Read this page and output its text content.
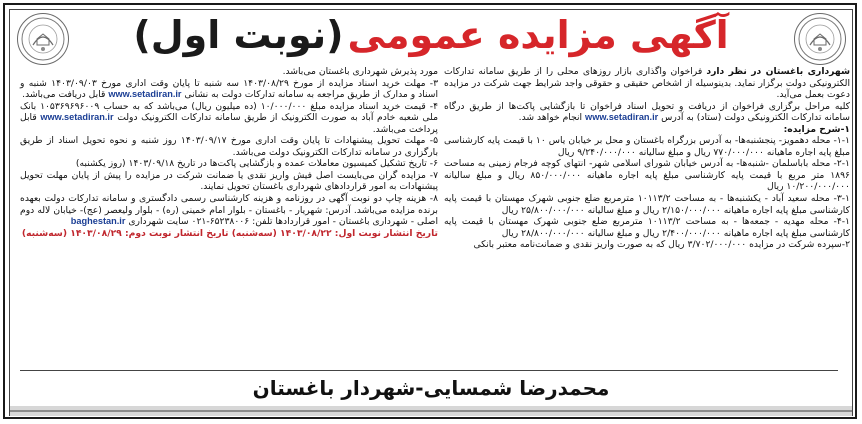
آگهی مزایده عمومی
(نوبت اول)

شهرداری باغستان در نظر دارد فراخوان واگذاری بازار روزهای محلی را از طریق سامانه تدارکات الکترونیکی دولت برگزار نماید. بدینوسیله از اشخاص حقیقی و حقوقی واجد شرایط جهت شرکت در مزایده دعوت بعمل می‌آید.

کلیه مراحل برگزاری فراخوان از دریافت و تحویل اسناد فراخوان تا بازگشایی پاکت‌ها از طریق درگاه سامانه تدارکات الکترونیکی دولت (ستاد) به آدرس www.setadiran.ir انجام خواهد شد.

۱-شرح مزایده:

۱-۱- محله دهمویز- پنجشنبه‌ها- به آدرس بزرگراه باغستان و محل بر خیابان یاس ۱۰ با قیمت پایه کارشناسی مبلغ پایه اجاره ماهیانه ۷۷۰/۰۰۰/۰۰۰ ریال و مبلغ سالیانه ۹/۲۴۰/۰۰۰/۰۰۰ ریال

۲-۱- محله باباسلمان -شنبه‌ها- به آدرس خیابان شورای اسلامی شهر- انتهای کوچه فرجام زمینی به مساحت ۱۸۹۶ متر مربع با قیمت پایه کارشناسی مبلغ پایه اجاره ماهیانه ۸۵۰/۰۰۰/۰۰۰ ریال و مبلغ سالیانه ۱۰/۲۰۰/۰۰۰/۰۰۰ ریال

۳-۱- محله سعید آباد - یکشنبه‌ها - به مساحت ۱۰۱۱۳/۲ مترمربع ضلع جنوبی شهرک مهستان با قیمت پایه کارشناسی مبلغ پایه اجاره ماهیانه ۲/۱۵۰/۰۰۰/۰۰۰ ریال و مبلغ سالیانه ۲۵/۸۰۰/۰۰۰/۰۰۰ ریال

۴-۱- محله مهدیه - جمعه‌ها - به مساحت ۱۰۱۱۳/۲ مترمربع ضلع جنوبی شهرک مهستان با قیمت پایه کارشناسی مبلغ پایه اجاره ماهیانه ۲/۴۰۰/۰۰۰/۰۰۰ ریال و مبلغ سالیانه ۲۸/۸۰۰/۰۰۰/۰۰۰ ریال

۲-سپرده شرکت در مزایده ۳/۷۰۲/۰۰۰/۰۰۰ ریال که به صورت واریز نقدی و ضمانت‌نامه معتبر بانکی

مورد پذیرش شهرداری باغستان می‌باشد.

۳- مهلت خرید اسناد مزایده از مورخ ۱۴۰۳/۰۸/۲۹ سه شنبه تا پایان وقت اداری مورخ ۱۴۰۳/۰۹/۰۳ شنبه و اسناد و مدارک از طریق مراجعه به سامانه تدارکات دولت به نشانی www.setadiran.ir قابل دریافت می‌باشد.

۴- قیمت خرید اسناد مزایده مبلغ ۱۰/۰۰۰/۰۰۰ (ده میلیون ریال) می‌باشد که به حساب ۱۰۵۳۶۹۶۹۶۰۰۹ بانک ملی شعبه خادم آباد به صورت الکترونیک از طریق سامانه تدارکات الکترونیک دولت www.setadiran.ir قابل پرداخت می‌باشد.

۵- مهلت تحویل پیشنهادات تا پایان وقت اداری مورخ ۱۴۰۳/۰۹/۱۷ روز شنبه و نحوه تحویل اسناد از طریق بارگزاری در سامانه تدارکات الکترونیک دولت می‌باشد.

۶- تاریخ تشکیل کمیسیون معاملات عمده و بازگشایی پاکت‌ها در تاریخ ۱۴۰۳/۰۹/۱۸ (روز یکشنبه)

۷- مزایده گران می‌بایست اصل فیش واریز نقدی یا ضمانت شرکت در مزایده را پیش از پایان مهلت تحویل پیشنهادات به امور قراردادهای شهرداری باغستان تحویل نمایند.

۸- هزینه چاپ دو نوبت آگهی در روزنامه و هزینه کارشناسی رسمی دادگستری و سامانه تدارکات دولت بعهده برنده مزایده می‌باشد. آدرس: شهریار - باغستان - بلوار امام خمینی (ره) - بلوار ولیعصر (عج)- خیابان لاله دوم اصلی - شهرداری باغستان - امور قراردادها تلفن: ۶۵۲۳۸۰۰۶-۰۲۱ سایت شهرداری baghestan.ir

تاریخ انتشار نوبت اول: ۱۴۰۳/۰۸/۲۲ (سه‌شنبه) تاریخ انتشار نوبت دوم: ۱۴۰۳/۰۸/۲۹ (سه‌شنبه)

محمدرضا شمسایی-شهردار باغستان
